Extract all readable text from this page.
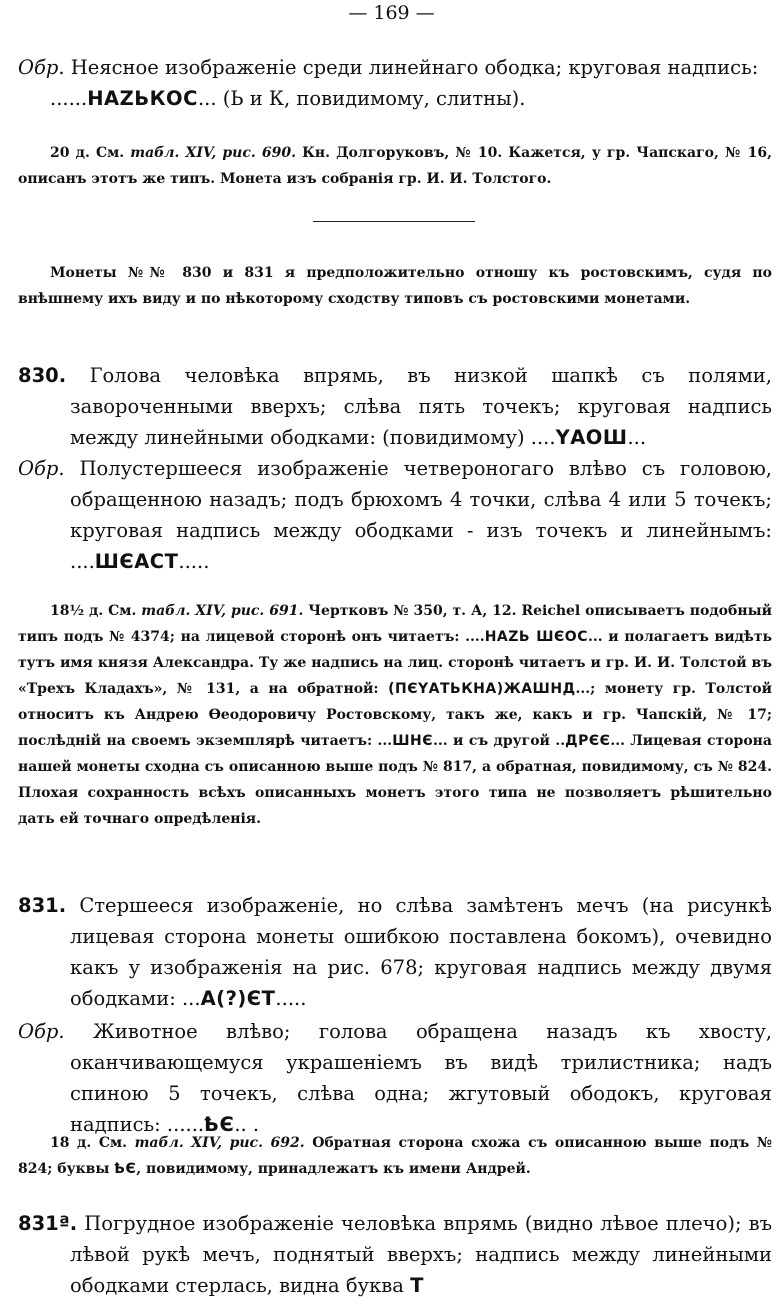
— 169 —
Обр. Неясное изображеніе среди линейнаго ободка; круговая надпись:
......НАZЬКОС... (Ь и К, повидимому, слитны).

20 д. См. табл. XIV, рис. 690. Кн. Долгоруковъ, № 10. Кажется, у гр. Чапскаго, № 16, описанъ этотъ же типъ. Монета изъ собранія гр. И. И. Толстого.

Монеты №№ 830 и 831 я предположительно отношу къ ростовскимъ, судя по внѣшнему ихъ виду и по нѣкоторому сходству типовъ съ ростовскими монетами.

830. Голова человѣка впрямь, въ низкой шапкѣ съ полями, завороченными вверхъ; слѣва пять точекъ; круговая надпись между линейными ободками: (повидимому) ....YАОШ...

Обр. Полустершееся изображеніе четвероногаго влѣво съ головою, обращенною назадъ; подъ брюхомъ 4 точки, слѣва 4 или 5 точекъ; круговая надпись между ободками - изъ точекъ и линейнымъ: ....ШЄАСТ.....

18½ д. См. табл. XIV, рис. 691. Чертковъ № 350, т. А, 12. Reichel описываетъ подобный типъ подъ № 4374; на лицевой сторонѣ онъ читаетъ: ....НАZЬ ШЄОС... и полагаетъ видѣть тутъ имя князя Александра. Ту же надпись на лиц. сторонѣ читаетъ и гр. И. И. Толстой въ «Трехъ Кладахъ», № 131, а на обратной: (ПЄYАТЬКНА)ЖАШНД...; монету гр. Толстой относитъ къ Андрею Ѳеодоровичу Ростовскому, такъ же, какъ и гр. Чапскій, № 17; послѣдній на своемъ экземплярѣ читаетъ: ...ШНЄ... и съ другой ..ДРЄЄ... Лицевая сторона нашей монеты сходна съ описанною выше подъ № 817, а обратная, повидимому, съ № 824. Плохая сохранность всѣхъ описанныхъ монетъ этого типа не позволяетъ рѣшительно дать ей точнаго опредѣленія.

831. Стершееся изображеніе, но слѣва замѣтенъ мечъ (на рисункѣ лицевая сторона монеты ошибкою поставлена бокомъ), очевидно какъ у изображенія на рис. 678; круговая надпись между двумя ободками: ...А(?)ЄТ.....

Обр. Животное влѣво; голова обращена назадъ къ хвосту, оканчивающемуся украшеніемъ въ видѣ трилистника; надъ спиною 5 точекъ, слѣва одна; жгутовый ободокъ, круговая надпись: ......ҌЄ.. .

18 д. См. табл. XIV, рис. 692. Обратная сторона схожа съ описанною выше подъ № 824; буквы ҌЄ, повидимому, принадлежатъ къ имени Андрей.

831ª. Погрудное изображеніе человѣка впрямь (видно лѣвое плечо); въ лѣвой рукѣ мечъ, поднятый вверхъ; надпись между линейными ободками стерлась, видна буква Т
